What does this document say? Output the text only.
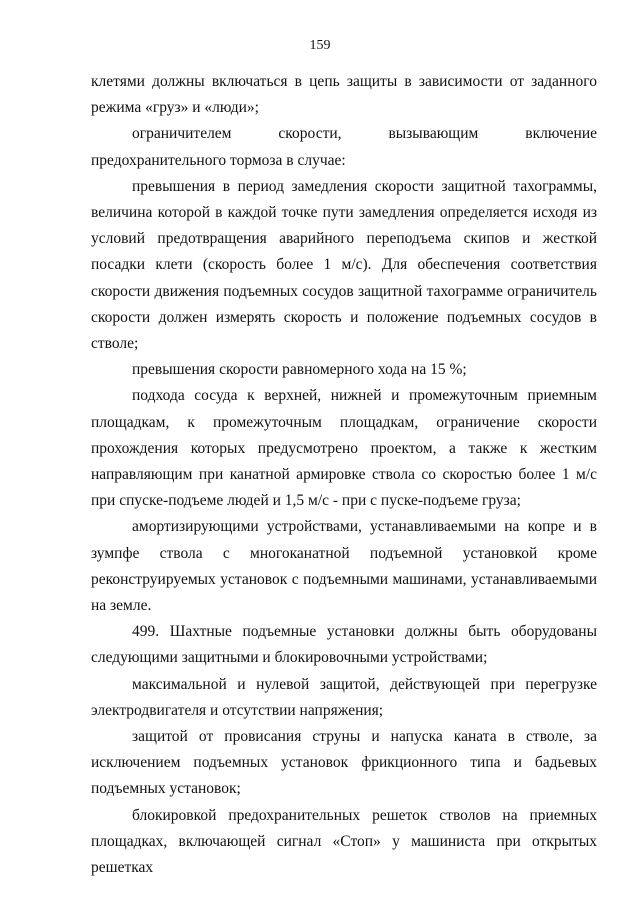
159

клетями должны включаться в цепь защиты в зависимости от заданного режима «груз» и «люди»;

ограничителем скорости, вызывающим включение предохранительного тормоза в случае:

превышения в период замедления скорости защитной тахограммы, величина которой в каждой точке пути замедления определяется исходя из условий предотвращения аварийного переподъема скипов и жесткой посадки клети (скорость более 1 м/с). Для обеспечения соответствия скорости движения подъемных сосудов защитной тахограмме ограничитель скорости должен измерять скорость и положение подъемных сосудов в стволе;

превышения скорости равномерного хода на 15 %;

подхода сосуда к верхней, нижней и промежуточным приемным площадкам, к промежуточным площадкам, ограничение скорости прохождения которых предусмотрено проектом, а также к жестким направляющим при канатной армировке ствола со скоростью более 1 м/с при спуске-подъеме людей и 1,5 м/с - при с пуске-подъеме груза;

амортизирующими устройствами, устанавливаемыми на копре и в зумпфе ствола с многоканатной подъемной установкой кроме реконструируемых установок с подъемными машинами, устанавливаемыми на земле.

499. Шахтные подъемные установки должны быть оборудованы следующими защитными и блокировочными устройствами;

максимальной и нулевой защитой, действующей при перегрузке электродвигателя и отсутствии напряжения;

защитой от провисания струны и напуска каната в стволе, за исключением подъемных установок фрикционного типа и бадьевых подъемных установок;

блокировкой предохранительных решеток стволов на приемных площадках, включающей сигнал «Стоп» у машиниста при открытых решетках
